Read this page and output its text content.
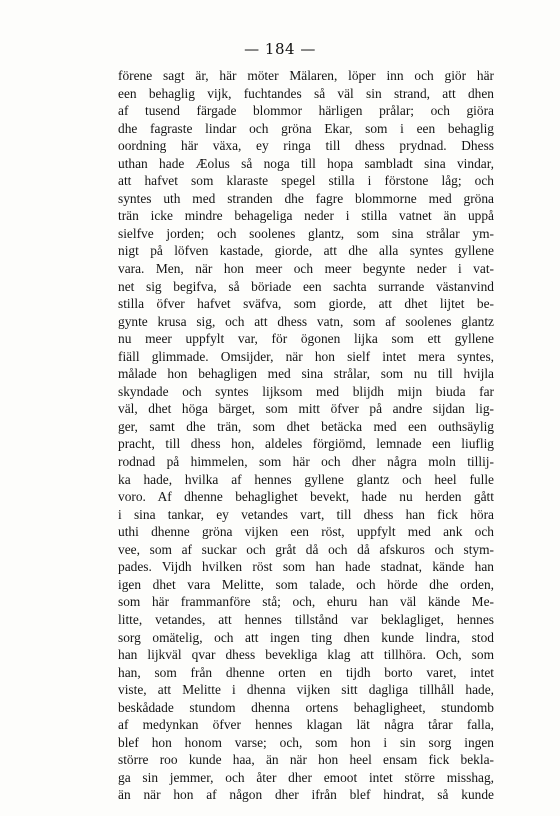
— 184 —
förene sagt är, här möter Mälaren, löper inn och giör här
een behaglig vijk, fuchtandes så väl sin strand, att dhen
af tusend färgade blommor härligen prålar; och giöra
dhe fagraste lindar och gröna Ekar, som i een behaglig
oordning här växa, ey ringa till dhess prydnad. Dhess
uthan hade Æolus så noga till hopa sambladt sina vindar,
att hafvet som klaraste spegel stilla i förstone låg; och
syntes uth med stranden dhe fagre blommorne med gröna
trän icke mindre behageliga neder i stilla vatnet än uppå
sielfve jorden; och soolenes glantz, som sina strålar ym-
nigt på löfven kastade, giorde, att dhe alla syntes gyllene
vara. Men, när hon meer och meer begynte neder i vat-
net sig begifva, så böriade een sachta surrande västanvind
stilla öfver hafvet sväfva, som giorde, att dhet lijtet be-
gynte krusa sig, och att dhess vatn, som af soolenes glantz
nu meer uppfylt var, för ögonen lijka som ett gyllene
fiäll glimmade. Omsijder, när hon sielf intet mera syntes,
målade hon behagligen med sina strålar, som nu till hvijla
skyndade och syntes lijksom med blijdh mijn biuda far
väl, dhet höga bärget, som mitt öfver på andre sijdan lig-
ger, samt dhe trän, som dhet betäcka med een outhsäylig
pracht, till dhess hon, aldeles förgiömd, lemnade een liuflig
rodnad på himmelen, som här och dher några moln tillij-
ka hade, hvilka af hennes gyllene glantz och heel fulle
voro. Af dhenne behaglighet bevekt, hade nu herden gått
i sina tankar, ey vetandes vart, till dhess han fick höra
uthi dhenne gröna vijken een röst, uppfylt med ank och
vee, som af suckar och gråt då och då afskuros och stym-
pades. Vijdh hvilken röst som han hade stadnat, kände han
igen dhet vara Melitte, som talade, och hörde dhe orden,
som här frammanföre stå; och, ehuru han väl kände Me-
litte, vetandes, att hennes tillstånd var beklagliget, hennes
sorg omätelig, och att ingen ting dhen kunde lindra, stod
han lijkväl qvar dhess bevekliga klag att tillhöra. Och, som
han, som från dhenne orten en tijdh borto varet, intet
viste, att Melitte i dhenna vijken sitt dagliga tillhåll hade,
beskådade stundom dhenna ortens behagligheet, stundomb
af medynkan öfver hennes klagan lät några tårar falla,
blef hon honom varse; och, som hon i sin sorg ingen
större roo kunde haa, än när hon heel ensam fick bekla-
ga sin jemmer, och åter dher emoot intet större misshag,
än när hon af någon dher ifrån blef hindrat, så kunde
